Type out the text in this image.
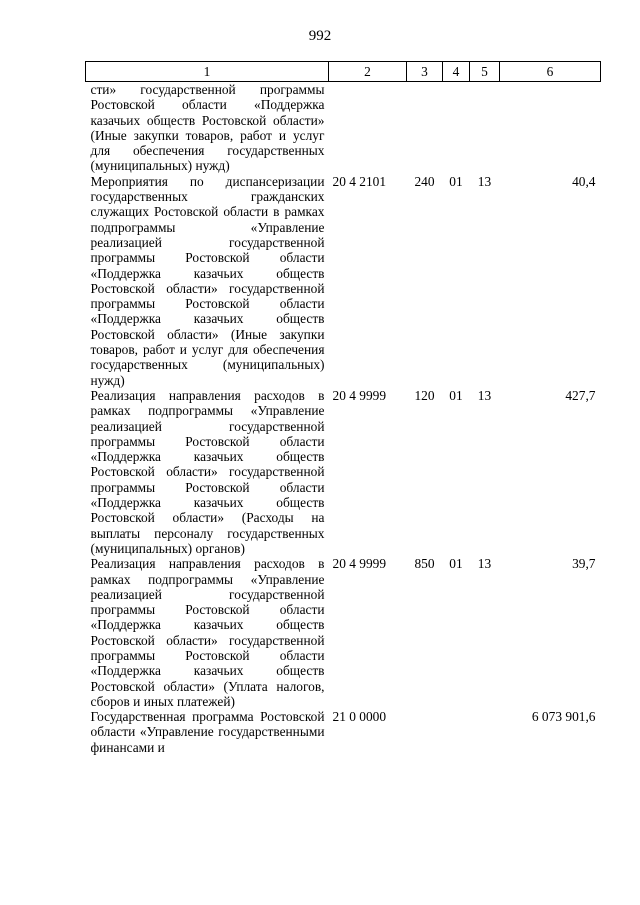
992
1	2	3	4	5	6
сти» государственной программы Ростовской области «Поддержка казачьих обществ Ростовской области» (Иные закупки товаров, работ и услуг для обеспечения государственных (муниципальных) нужд)					
Мероприятия по диспансеризации государственных гражданских служащих Ростовской области в рамках подпрограммы «Управление реализацией государственной программы Ростовской области «Поддержка казачьих обществ Ростовской области» государственной программы Ростовской области «Поддержка казачьих обществ Ростовской области» (Иные закупки товаров, работ и услуг для обеспечения государственных (муниципальных) нужд)	20 4 2101	240	01	13	40,4
Реализация направления расходов в рамках подпрограммы «Управление реализацией государственной программы Ростовской области «Поддержка казачьих обществ Ростовской области» государственной программы Ростовской области «Поддержка казачьих обществ Ростовской области» (Расходы на выплаты персоналу государственных (муниципальных) органов)	20 4 9999	120	01	13	427,7
Реализация направления расходов в рамках подпрограммы «Управление реализацией государственной программы Ростовской области «Поддержка казачьих обществ Ростовской области» государственной программы Ростовской области «Поддержка казачьих обществ Ростовской области» (Уплата налогов, сборов и иных платежей)	20 4 9999	850	01	13	39,7
Государственная программа Ростовской области «Управление государственными финансами и	21 0 0000				6 073 901,6
